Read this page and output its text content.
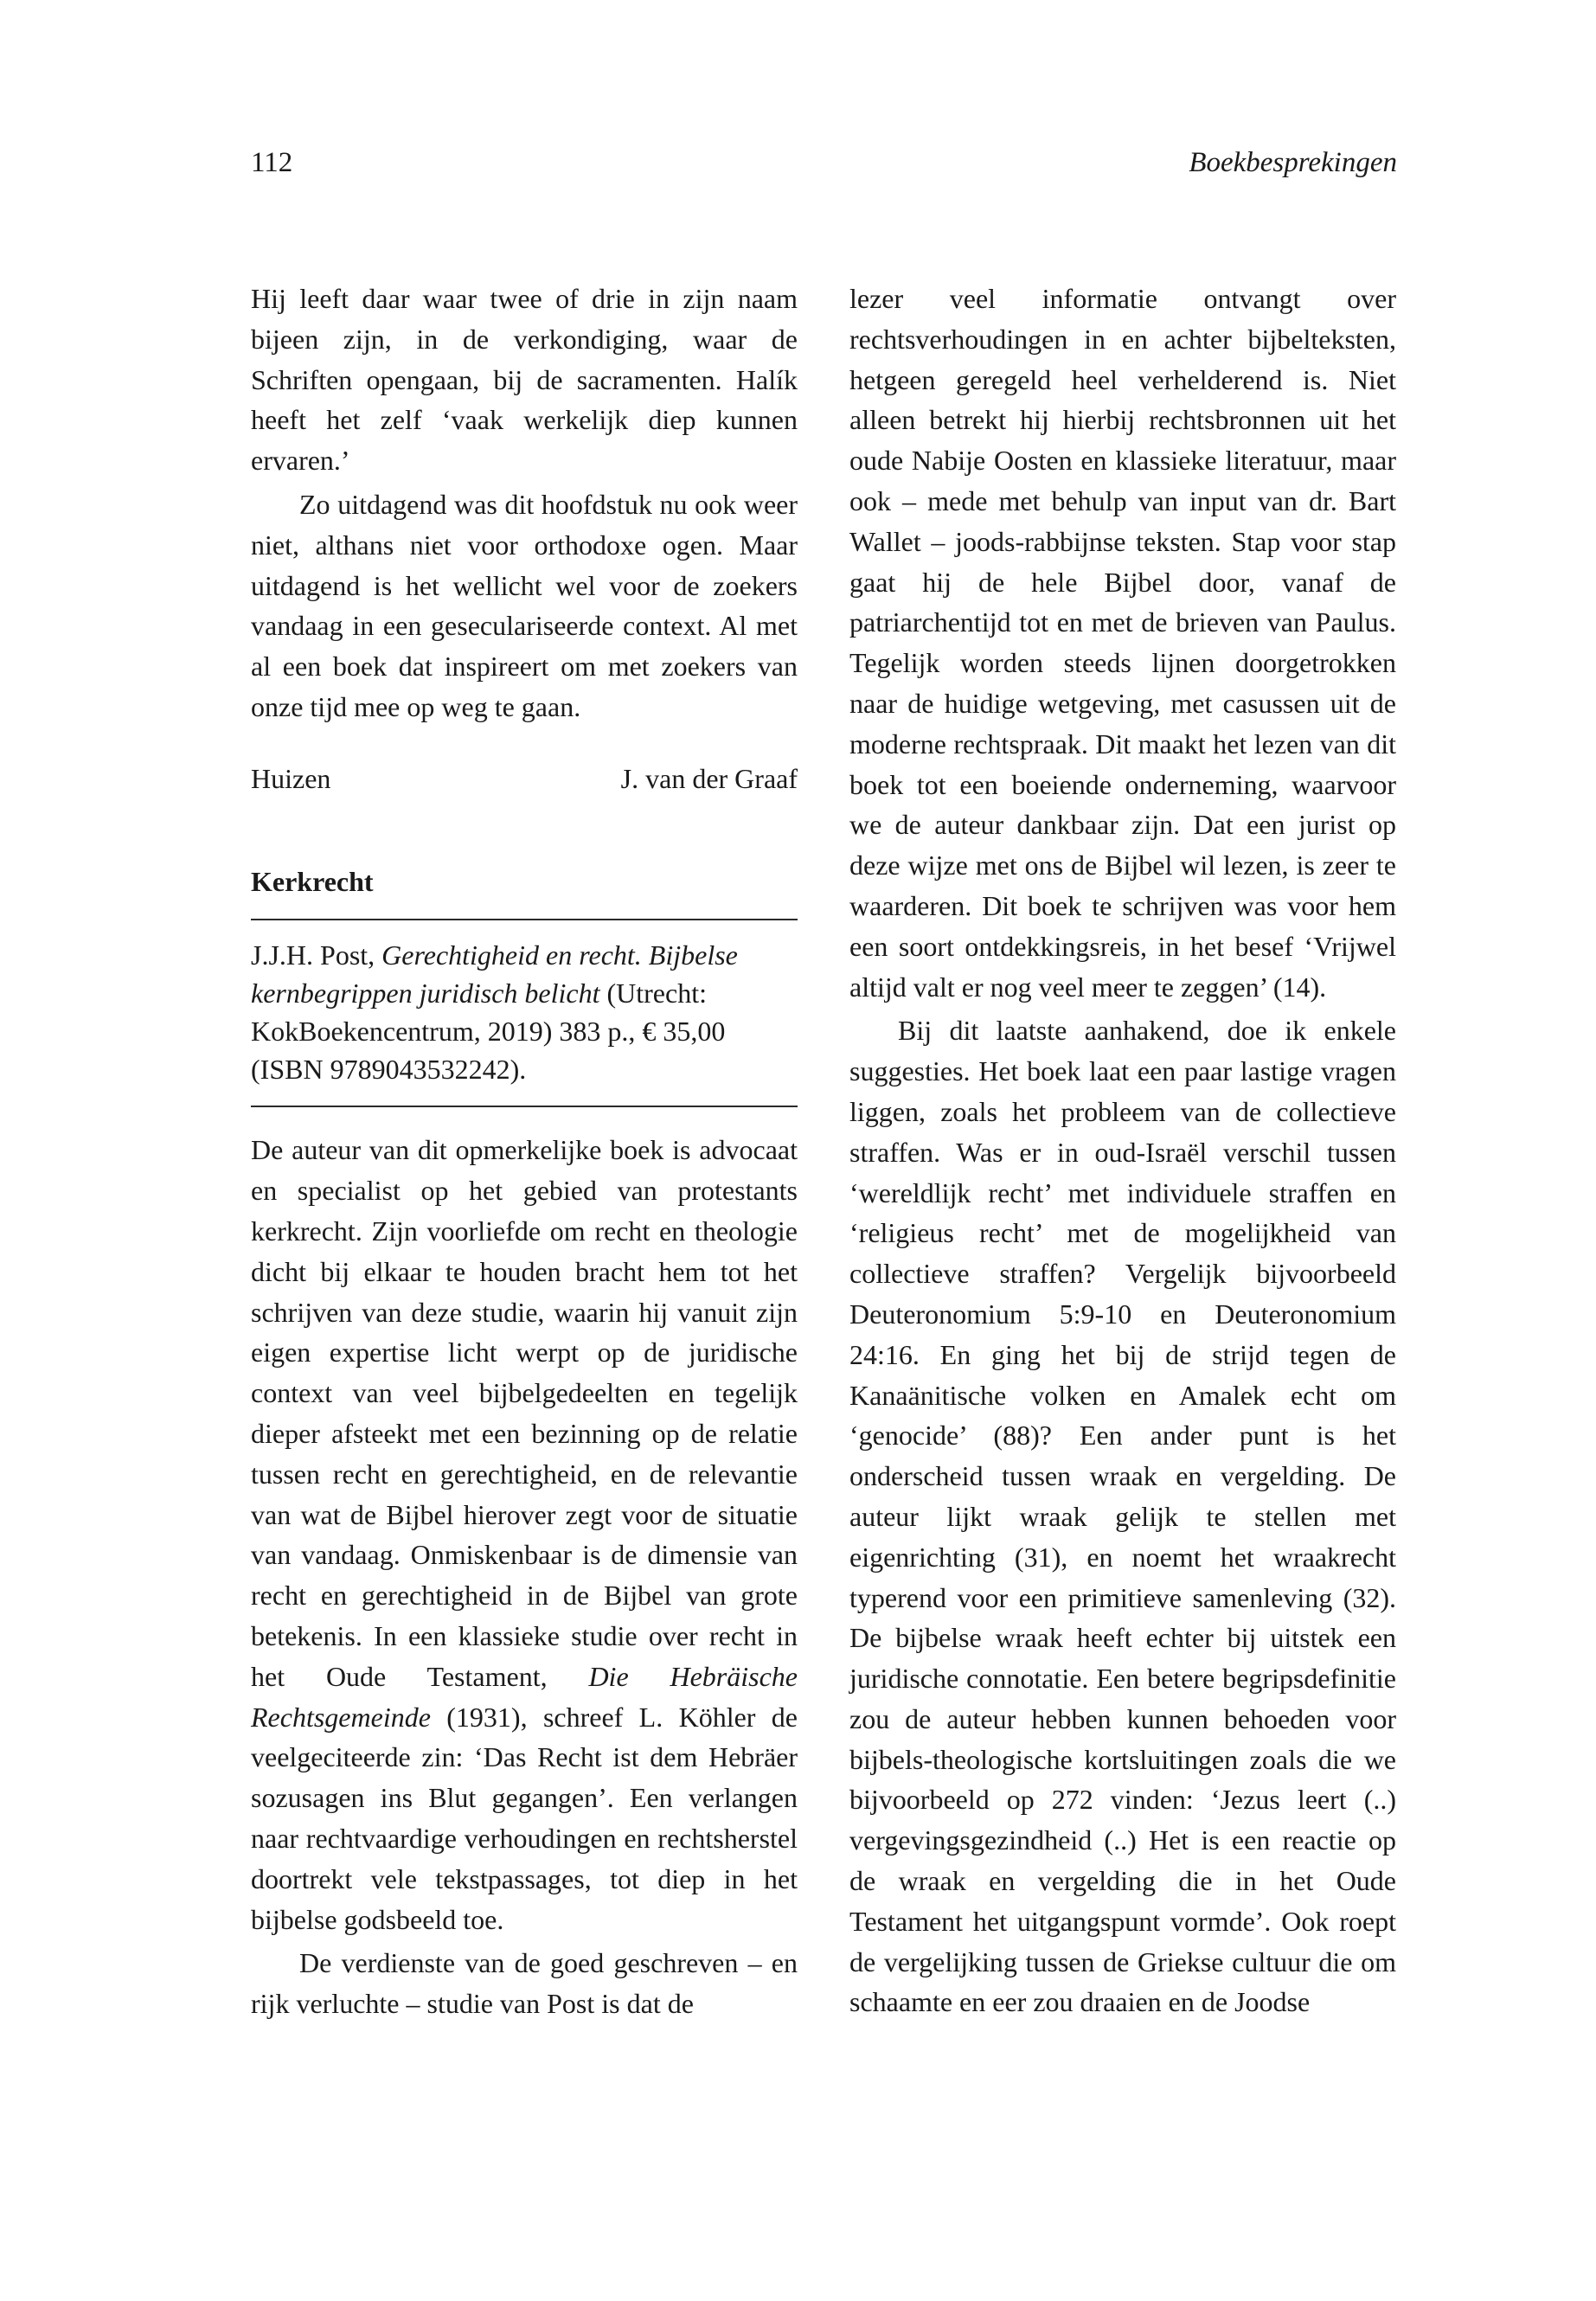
112	Boekbesprekingen

Hij leeft daar waar twee of drie in zijn naam bijeen zijn, in de verkondiging, waar de Schriften opengaan, bij de sacramenten. Halík heeft het zelf ‘vaak werkelijk diep kunnen ervaren.’

Zo uitdagend was dit hoofdstuk nu ook weer niet, althans niet voor orthodoxe ogen. Maar uitdagend is het wellicht wel voor de zoekers vandaag in een geseculariseerde context. Al met al een boek dat inspireert om met zoekers van onze tijd mee op weg te gaan.

Huizen	J. van der Graaf
Kerkrecht
J.J.H. Post, Gerechtigheid en recht. Bijbelse kernbegrippen juridisch belicht (Utrecht: KokBoekencentrum, 2019) 383 p., € 35,00 (ISBN 9789043532242).

De auteur van dit opmerkelijke boek is advocaat en specialist op het gebied van protestants kerkrecht. Zijn voorliefde om recht en theologie dicht bij elkaar te houden bracht hem tot het schrijven van deze studie, waarin hij vanuit zijn eigen expertise licht werpt op de juridische context van veel bijbelgedeelten en tegelijk dieper afsteekt met een bezinning op de relatie tussen recht en gerechtigheid, en de relevantie van wat de Bijbel hierover zegt voor de situatie van vandaag. Onmiskenbaar is de dimensie van recht en gerechtigheid in de Bijbel van grote betekenis. In een klassieke studie over recht in het Oude Testament, Die Hebräische Rechtsgemeinde (1931), schreef L. Köhler de veelgeciteerde zin: ‘Das Recht ist dem Hebräer sozusagen ins Blut gegangen’. Een verlangen naar rechtvaardige verhoudingen en rechtsherstel doortrekt vele tekstpassages, tot diep in het bijbelse godsbeeld toe.

De verdienste van de goed geschreven – en rijk verluchte – studie van Post is dat de

lezer veel informatie ontvangt over rechtsverhoudingen in en achter bijbelteksten, hetgeen geregeld heel verhelderend is. Niet alleen betrekt hij hierbij rechtsbronnen uit het oude Nabije Oosten en klassieke literatuur, maar ook – mede met behulp van input van dr. Bart Wallet – joods-rabbijnse teksten. Stap voor stap gaat hij de hele Bijbel door, vanaf de patriarchentijd tot en met de brieven van Paulus. Tegelijk worden steeds lijnen doorgetrokken naar de huidige wetgeving, met casussen uit de moderne rechtspraak. Dit maakt het lezen van dit boek tot een boeiende onderneming, waarvoor we de auteur dankbaar zijn. Dat een jurist op deze wijze met ons de Bijbel wil lezen, is zeer te waarderen. Dit boek te schrijven was voor hem een soort ontdekkingsreis, in het besef ‘Vrijwel altijd valt er nog veel meer te zeggen’ (14).

Bij dit laatste aanhakend, doe ik enkele suggesties. Het boek laat een paar lastige vragen liggen, zoals het probleem van de collectieve straffen. Was er in oud-Israël verschil tussen ‘wereldlijk recht’ met individuele straffen en ‘religieus recht’ met de mogelijkheid van collectieve straffen? Vergelijk bijvoorbeeld Deuteronomium 5:9-10 en Deuteronomium 24:16. En ging het bij de strijd tegen de Kanaänitische volken en Amalek echt om ‘genocide’ (88)? Een ander punt is het onderscheid tussen wraak en vergelding. De auteur lijkt wraak gelijk te stellen met eigenrichting (31), en noemt het wraakrecht typerend voor een primitieve samenleving (32). De bijbelse wraak heeft echter bij uitstek een juridische connotatie. Een betere begripsdefinitie zou de auteur hebben kunnen behoeden voor bijbels-theologische kortsluitingen zoals die we bijvoorbeeld op 272 vinden: ‘Jezus leert (..) vergevingsgezindheid (..) Het is een reactie op de wraak en vergelding die in het Oude Testament het uitgangspunt vormde’. Ook roept de vergelijking tussen de Griekse cultuur die om schaamte en eer zou draaien en de Joodse
